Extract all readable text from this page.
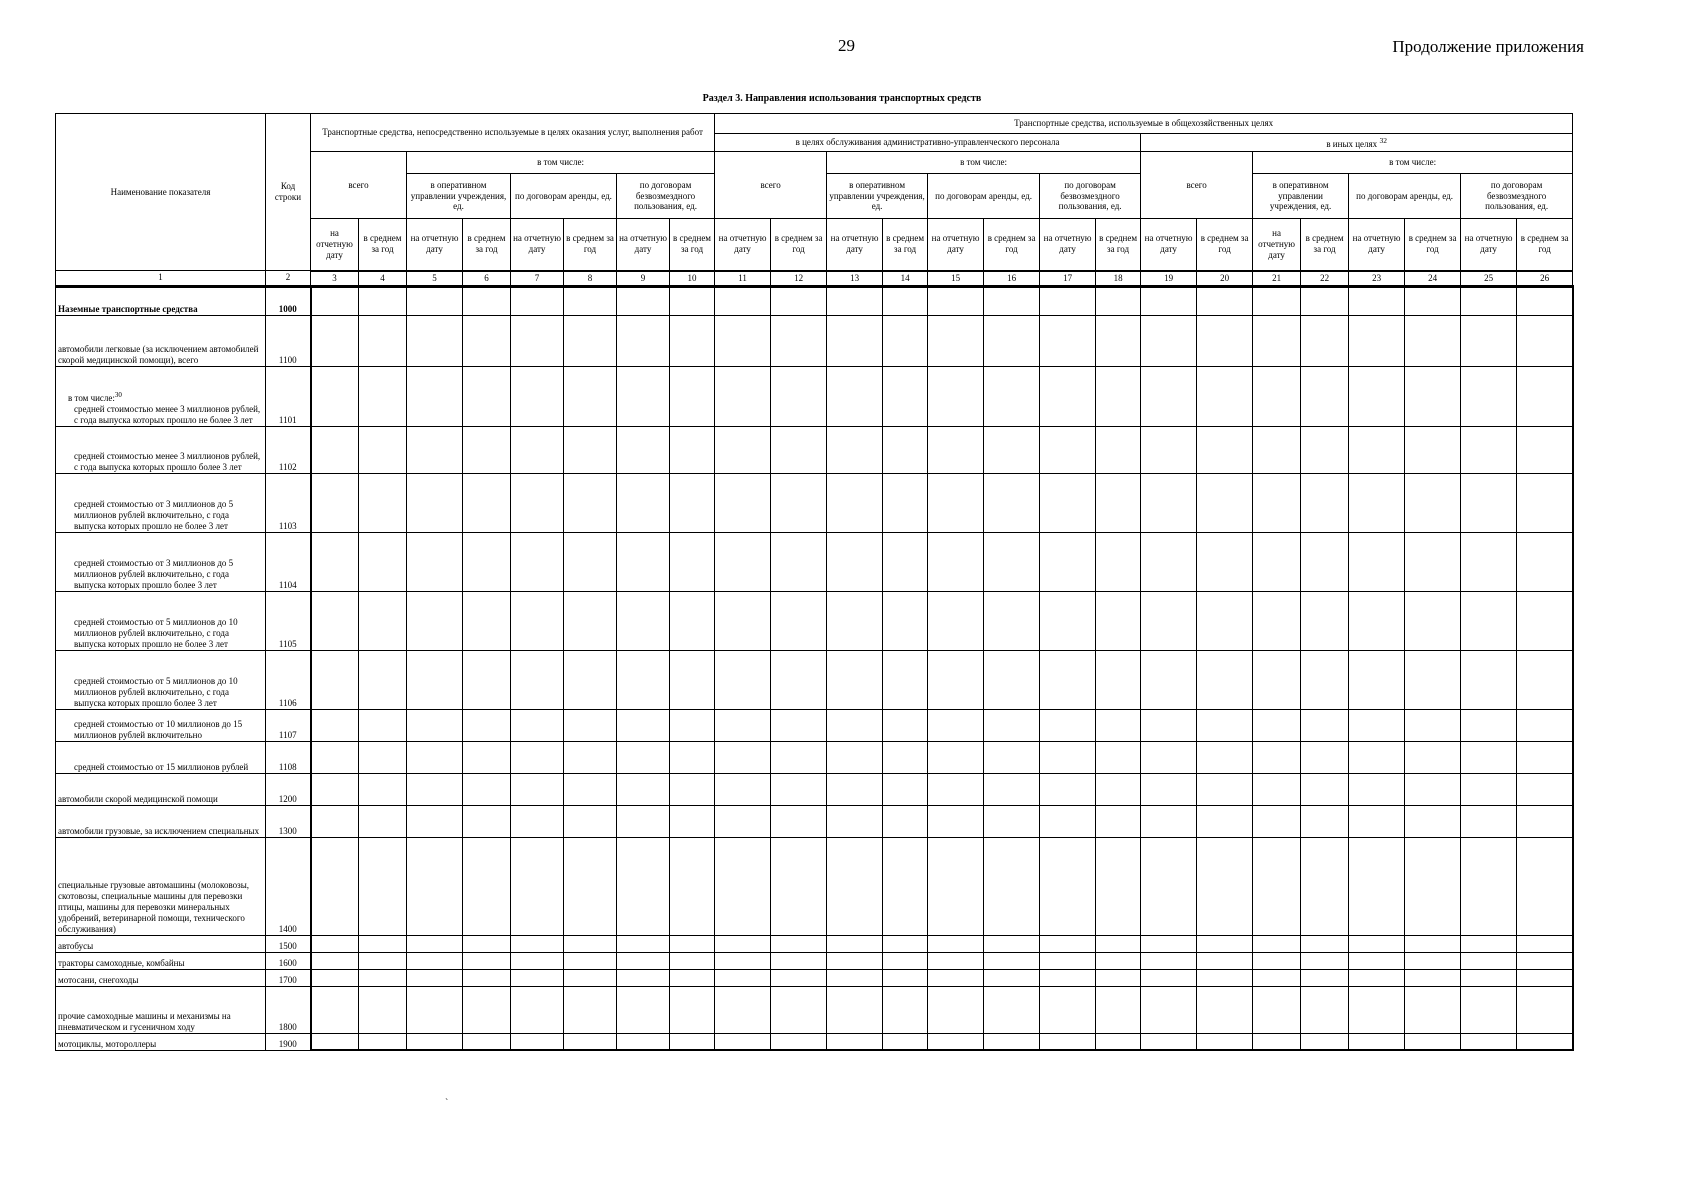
29	Продолжение приложения
Раздел 3. Направления использования транспортных средств
Наименование показателя	Код строки	Транспортные средства, непосредственно используемые в целях оказания услуг, выполнения работ								Транспортные средства, используемые в общехозяйственных целях															
										в целях обслуживания административно-управленческого персонала								в иных целях $^{32}$
		всего		в том числе:						всего		в том числе:						всего		в том числе:					
				в оперативном управлении учреждения, ед.		по договорам аренды, ед.		по договорам безвозмездного пользования, ед.				в оперативном управлении учреждения, ед.		по договорам аренды, ед.		по договорам безвозмездного пользования, ед.				в оперативном управлении учреждения, ед.		по договорам аренды, ед.		по договорам безвозмездного пользования, ед.	
		на отчетную дату	в среднем за год	на отчетную дату	в среднем за год	на отчетную дату	в среднем за год	на отчетную дату	в среднем за год	на отчетную дату	в среднем за год	на отчетную дату	в среднем за год	на отчетную дату	в среднем за год	на отчетную дату	в среднем за год	на отчетную дату	в среднем за год	на отчетную дату	в среднем за год	на отчетную дату	в среднем за год	на отчетную дату	в среднем за год
1	2	3	4	5	6	7	8	9	10	11	12	13	14	15	16	17	18	19	20	21	22	23	24	25	26
Наземные транспортные средства	1000																								
автомобили легковые (за исключением автомобилей скорой медицинской помощи), всего	1100																								
в том числе:$^{30}$
средней стоимостью менее 3 миллионов рублей, с года выпуска которых прошло не более 3 лет	1101																								
средней стоимостью менее 3 миллионов рублей, с года выпуска которых прошло более 3 лет	1102																								
средней стоимостью от 3 миллионов до 5 миллионов рублей включительно, с года выпуска которых прошло не более 3 лет	1103																								
средней стоимостью от 3 миллионов до 5 миллионов рублей включительно, с года выпуска которых прошло более 3 лет	1104																								
средней стоимостью от 5 миллионов до 10 миллионов рублей включительно, с года выпуска которых прошло не более 3 лет	1105																								
средней стоимостью от 5 миллионов до 10 миллионов рублей включительно, с года выпуска которых прошло более 3 лет	1106																								
средней стоимостью от 10 миллионов до 15 миллионов рублей включительно	1107																								
средней стоимостью от 15 миллионов рублей	1108																								
автомобили скорой медицинской помощи	1200																								
автомобили грузовые, за исключением специальных	1300																								
специальные грузовые автомашины (молоковозы, скотовозы, специальные машины для перевозки птицы, машины для перевозки минеральных удобрений, ветеринарной помощи, технического обслуживания)	1400																								
автобусы	1500																								
тракторы самоходные, комбайны	1600																								
мотосани, снегоходы	1700																								
прочие самоходные машины и механизмы на пневматическом и гусеничном ходу	1800																								
мотоциклы, мотороллеры	1900																								
`
